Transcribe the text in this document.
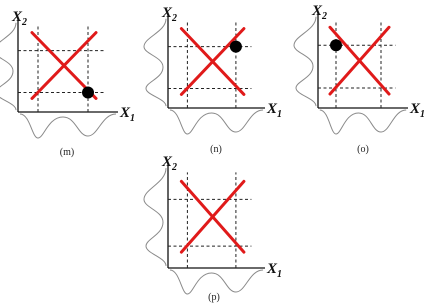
$X_1$
$X_2$
(m)
$X_1$
$X_2$
(n)
$X_1$
$X_2$
(o)
$X_1$
$X_2$
(p)
